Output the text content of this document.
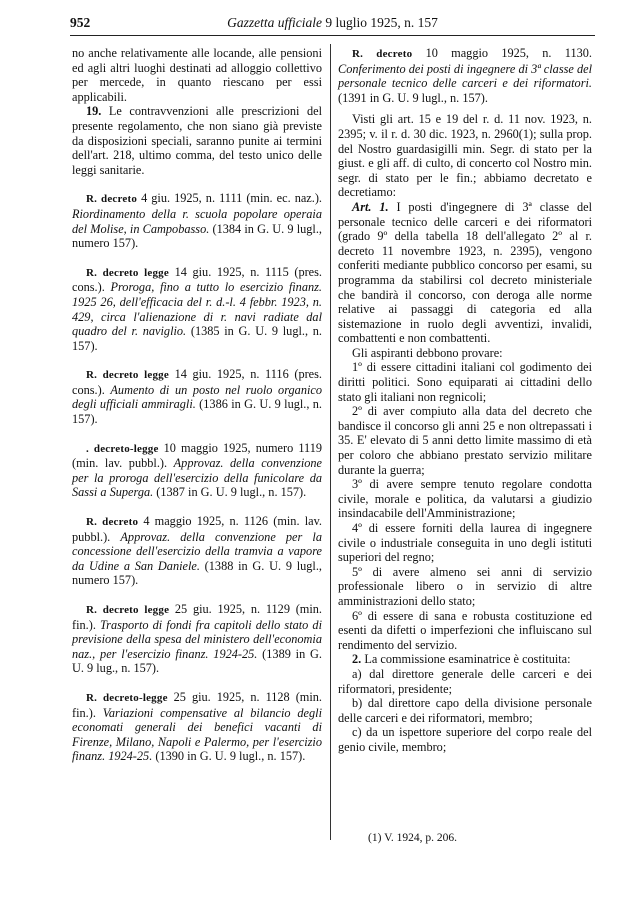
952	Gazzetta ufficiale 9 luglio 1925, n. 157

no anche relativamente alle locande, alle pensioni ed agli altri luoghi destinati ad alloggio collettivo per mercede, in quanto riescano per essi applicabili.

19. Le contravvenzioni alle prescrizioni del presente regolamento, che non siano già previste da disposizioni speciali, saranno punite ai termini dell'art. 218, ultimo comma, del testo unico delle leggi sanitarie.

R. decreto 4 giu. 1925, n. 1111 (min. ec. naz.). Riordinamento della r. scuola popolare operaia del Molise, in Campobasso. (1384 in G. U. 9 lugl., numero 157).

R. decreto legge 14 giu. 1925, n. 1115 (pres. cons.). Proroga, fino a tutto lo esercizio finanz. 1925 26, dell'efficacia del r. d.-l. 4 febbr. 1923, n. 429, circa l'alienazione di r. navi radiate dal quadro del r. naviglio. (1385 in G. U. 9 lugl., n. 157).

R. decreto legge 14 giu. 1925, n. 1116 (pres. cons.). Aumento di un posto nel ruolo organico degli ufficiali ammiragli. (1386 in G. U. 9 lugl., n. 157).

. decreto-legge 10 maggio 1925, numero 1119 (min. lav. pubbl.). Approvaz. della convenzione per la proroga dell'esercizio della funicolare da Sassi a Superga. (1387 in G. U. 9 lugl., n. 157).

R. decreto 4 maggio 1925, n. 1126 (min. lav. pubbl.). Approvaz. della convenzione per la concessione dell'esercizio della tramvia a vapore da Udine a San Daniele. (1388 in G. U. 9 lugl., numero 157).

R. decreto legge 25 giu. 1925, n. 1129 (min. fin.). Trasporto di fondi fra capitoli dello stato di previsione della spesa del ministero dell'economia naz., per l'esercizio finanz. 1924-25. (1389 in G. U. 9 lug., n. 157).

R. decreto-legge 25 giu. 1925, n. 1128 (min. fin.). Variazioni compensative al bilancio degli economati generali dei benefici vacanti di Firenze, Milano, Napoli e Palermo, per l'esercizio finanz. 1924-25. (1390 in G. U. 9 lugl., n. 157).

R. decreto 10 maggio 1925, n. 1130. Conferimento dei posti di ingegnere di 3ª classe del personale tecnico delle carceri e dei riformatori. (1391 in G. U. 9 lugl., n. 157).

Visti gli art. 15 e 19 del r. d. 11 nov. 1923, n. 2395; v. il r. d. 30 dic. 1923, n. 2960(1); sulla prop. del Nostro guardasigilli min. Segr. di stato per la giust. e gli aff. di culto, di concerto col Nostro min. segr. di stato per le fin.; abbiamo decretato e decretiamo:

Art. 1. I posti d'ingegnere di 3ª classe del personale tecnico delle carceri e dei riformatori (grado 9º della tabella 18 dell'allegato 2º al r. decreto 11 novembre 1923, n. 2395), vengono conferiti mediante pubblico concorso per esami, su programma da stabilirsi col decreto ministeriale che bandirà il concorso, con deroga alle norme relative ai passaggi di categoria ed alla sistemazione in ruolo degli avventizi, invalidi, combattenti e non combattenti.

Gli aspiranti debbono provare:

1º di essere cittadini italiani col godimento dei diritti politici. Sono equiparati ai cittadini dello stato gli italiani non regnicoli;

2º di aver compiuto alla data del decreto che bandisce il concorso gli anni 25 e non oltrepassati i 35. E' elevato di 5 anni detto limite massimo di età per coloro che abbiano prestato servizio militare durante la guerra;

3º di avere sempre tenuto regolare condotta civile, morale e politica, da valutarsi a giudizio insindacabile dell'Amministrazione;

4º di essere forniti della laurea di ingegnere civile o industriale conseguita in uno degli istituti superiori del regno;

5º di avere almeno sei anni di servizio professionale libero o in servizio di altre amministrazioni dello stato;

6º di essere di sana e robusta costituzione ed esenti da difetti o imperfezioni che influiscano sul rendimento del servizio.

2. La commissione esaminatrice è costituita:

a) dal direttore generale delle carceri e dei riformatori, presidente;

b) dal direttore capo della divisione personale delle carceri e dei riformatori, membro;

c) da un ispettore superiore del corpo reale del genio civile, membro;

(1) V. 1924, p. 206.
